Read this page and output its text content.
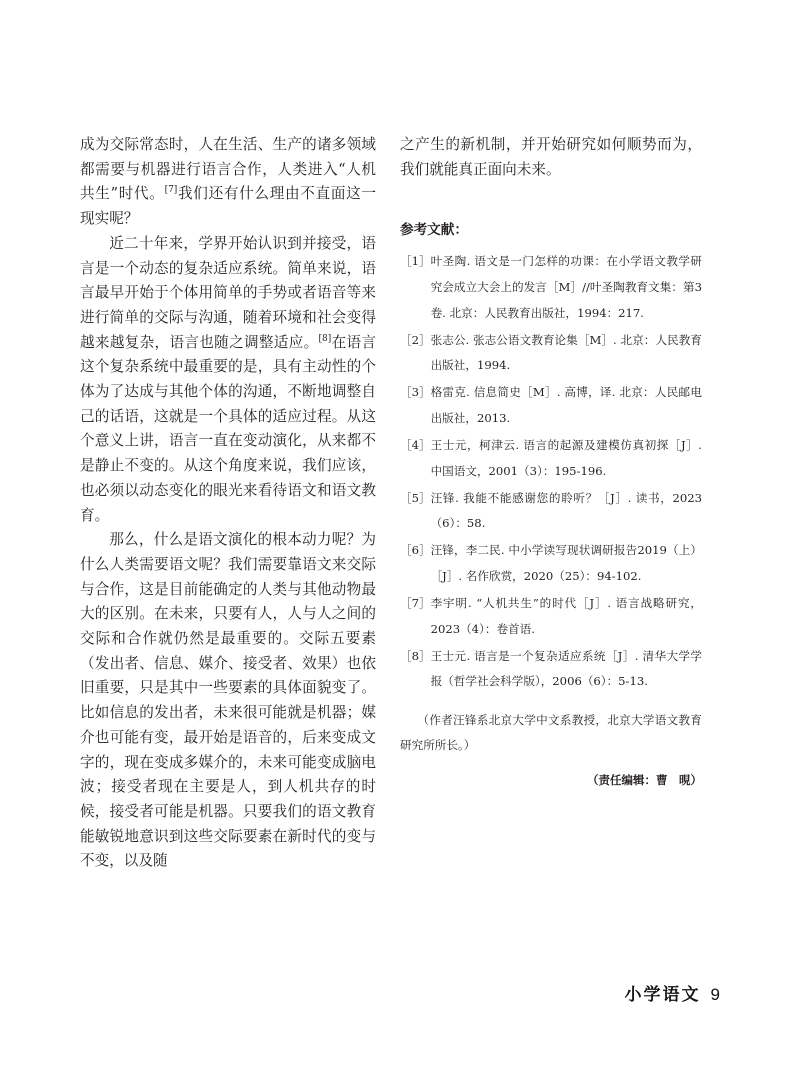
成为交际常态时，人在生活、生产的诸多领域都需要与机器进行语言合作，人类进入“人机共生”时代。[7]我们还有什么理由不直面这一现实呢？

近二十年来，学界开始认识到并接受，语言是一个动态的复杂适应系统。简单来说，语言最早开始于个体用简单的手势或者语音等来进行简单的交际与沟通，随着环境和社会变得越来越复杂，语言也随之调整适应。[8]在语言这个复杂系统中最重要的是，具有主动性的个体为了达成与其他个体的沟通，不断地调整自己的话语，这就是一个具体的适应过程。从这个意义上讲，语言一直在变动演化，从来都不是静止不变的。从这个角度来说，我们应该，也必须以动态变化的眼光来看待语文和语文教育。

那么，什么是语文演化的根本动力呢？为什么人类需要语文呢？我们需要靠语文来交际与合作，这是目前能确定的人类与其他动物最大的区别。在未来，只要有人，人与人之间的交际和合作就仍然是最重要的。交际五要素（发出者、信息、媒介、接受者、效果）也依旧重要，只是其中一些要素的具体面貌变了。比如信息的发出者，未来很可能就是机器；媒介也可能有变，最开始是语音的，后来变成文字的，现在变成多媒介的，未来可能变成脑电波；接受者现在主要是人，到人机共存的时候，接受者可能是机器。只要我们的语文教育能敏锐地意识到这些交际要素在新时代的变与不变，以及随

之产生的新机制，并开始研究如何顺势而为，我们就能真正面向未来。

参考文献：
［1］ 叶圣陶. 语文是一门怎样的功课：在小学语文教学研究会成立大会上的发言［M］//叶圣陶教育文集：第3卷. 北京：人民教育出版社，1994：217.
［2］ 张志公. 张志公语文教育论集［M］. 北京：人民教育出版社，1994.
［3］ 格雷克. 信息简史［M］. 高博，译. 北京：人民邮电出版社，2013.
［4］ 王士元，柯津云. 语言的起源及建模仿真初探［J］. 中国语文，2001（3）：195-196.
［5］ 汪锋. 我能不能感谢您的聆听？［J］. 读书，2023（6）：58.
［6］ 汪锋，李二民. 中小学读写现状调研报告2019（上）［J］. 名作欣赏，2020（25）：94-102.
［7］ 李宇明. “人机共生”的时代［J］. 语言战略研究，2023（4）：卷首语.
［8］ 王士元. 语言是一个复杂适应系统［J］. 清华大学学报（哲学社会科学版），2006（6）：5-13.

（作者汪锋系北京大学中文系教授，北京大学语文教育研究所所长。）

（责任编辑：曹　晛）

小学语文 9
